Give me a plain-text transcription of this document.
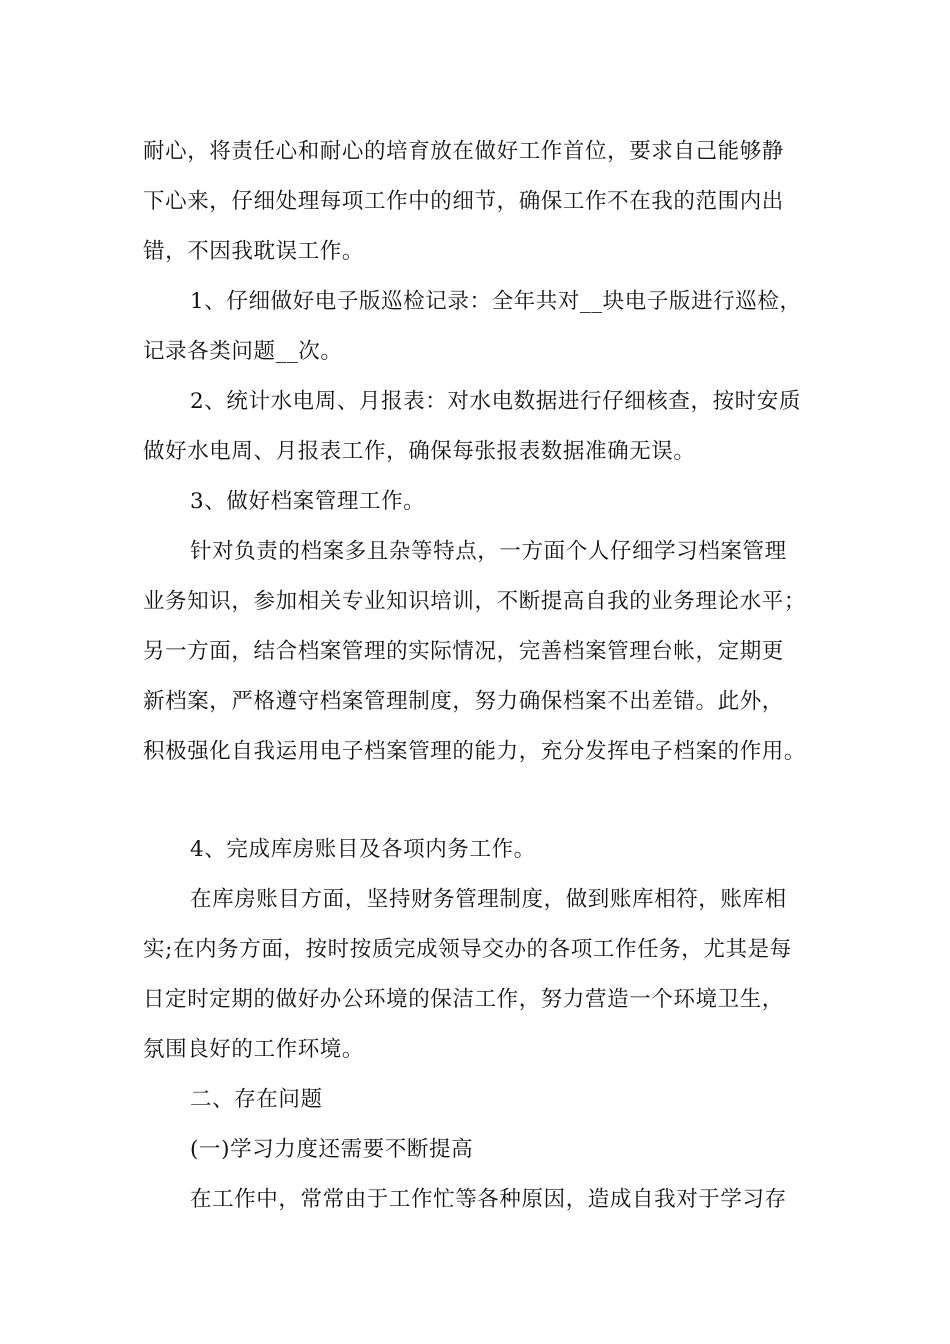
耐心，将责任心和耐心的培育放在做好工作首位，要求自己能够静
下心来，仔细处理每项工作中的细节，确保工作不在我的范围内出
错，不因我耽误工作。
1、仔细做好电子版巡检记录：全年共对__块电子版进行巡检，
记录各类问题__次。
2、统计水电周、月报表：对水电数据进行仔细核查，按时安质
做好水电周、月报表工作，确保每张报表数据准确无误。
3、做好档案管理工作。
针对负责的档案多且杂等特点，一方面个人仔细学习档案管理
业务知识，参加相关专业知识培训，不断提高自我的业务理论水平；
另一方面，结合档案管理的实际情况，完善档案管理台帐，定期更
新档案，严格遵守档案管理制度，努力确保档案不出差错。此外，
积极强化自我运用电子档案管理的能力，充分发挥电子档案的作用。
4、完成库房账目及各项内务工作。
在库房账目方面，坚持财务管理制度，做到账库相符，账库相
实;在内务方面，按时按质完成领导交办的各项工作任务，尤其是每
日定时定期的做好办公环境的保洁工作，努力营造一个环境卫生，
氛围良好的工作环境。
二、存在问题
(一)学习力度还需要不断提高
在工作中，常常由于工作忙等各种原因，造成自我对于学习存
